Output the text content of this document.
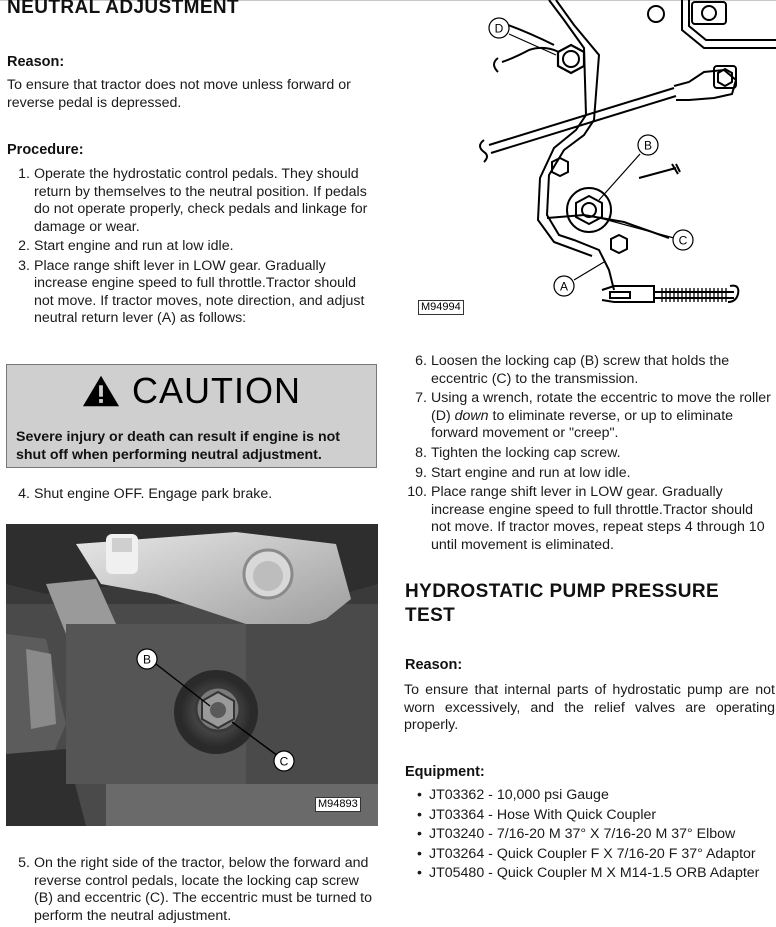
NEUTRAL ADJUSTMENT

Reason:

To ensure that tractor does not move unless forward or reverse pedal is depressed.

Procedure:

1. Operate the hydrostatic control pedals. They should return by themselves to the neutral position. If pedals do not operate properly, check pedals and linkage for damage or wear.
2. Start engine and run at low idle.
3. Place range shift lever in LOW gear. Gradually increase engine speed to full throttle.Tractor should not move. If tractor moves, note direction, and adjust neutral return lever (A) as follows:
CAUTION
Severe injury or death can result if engine is not shut off when performing neutral adjustment.
4. Shut engine OFF. Engage park brake.
B
C
M94893
5. On the right side of the tractor, below the forward and reverse control pedals, locate the locking cap screw (B) and eccentric (C). The eccentric must be turned to perform the neutral adjustment.
D
B
C
A
M94994
6. Loosen the locking cap (B) screw that holds the eccentric (C) to the transmission.
7. Using a wrench, rotate the eccentric to move the roller (D) down to eliminate reverse, or up to eliminate forward movement or "creep".
8. Tighten the locking cap screw.
9. Start engine and run at low idle.
10. Place range shift lever in LOW gear. Gradually increase engine speed to full throttle.Tractor should not move. If tractor moves, repeat steps 4 through 10 until movement is eliminated.
HYDROSTATIC PUMP PRESSURE TEST

Reason:

To ensure that internal parts of hydrostatic pump are not worn excessively, and the relief valves are operating properly.

Equipment:

• JT03362 - 10,000 psi Gauge
• JT03364 - Hose With Quick Coupler
• JT03240 - 7/16-20 M 37° X 7/16-20 M 37° Elbow
• JT03264 - Quick Coupler F X 7/16-20 F 37° Adaptor
• JT05480 - Quick Coupler M X M14-1.5 ORB Adapter
